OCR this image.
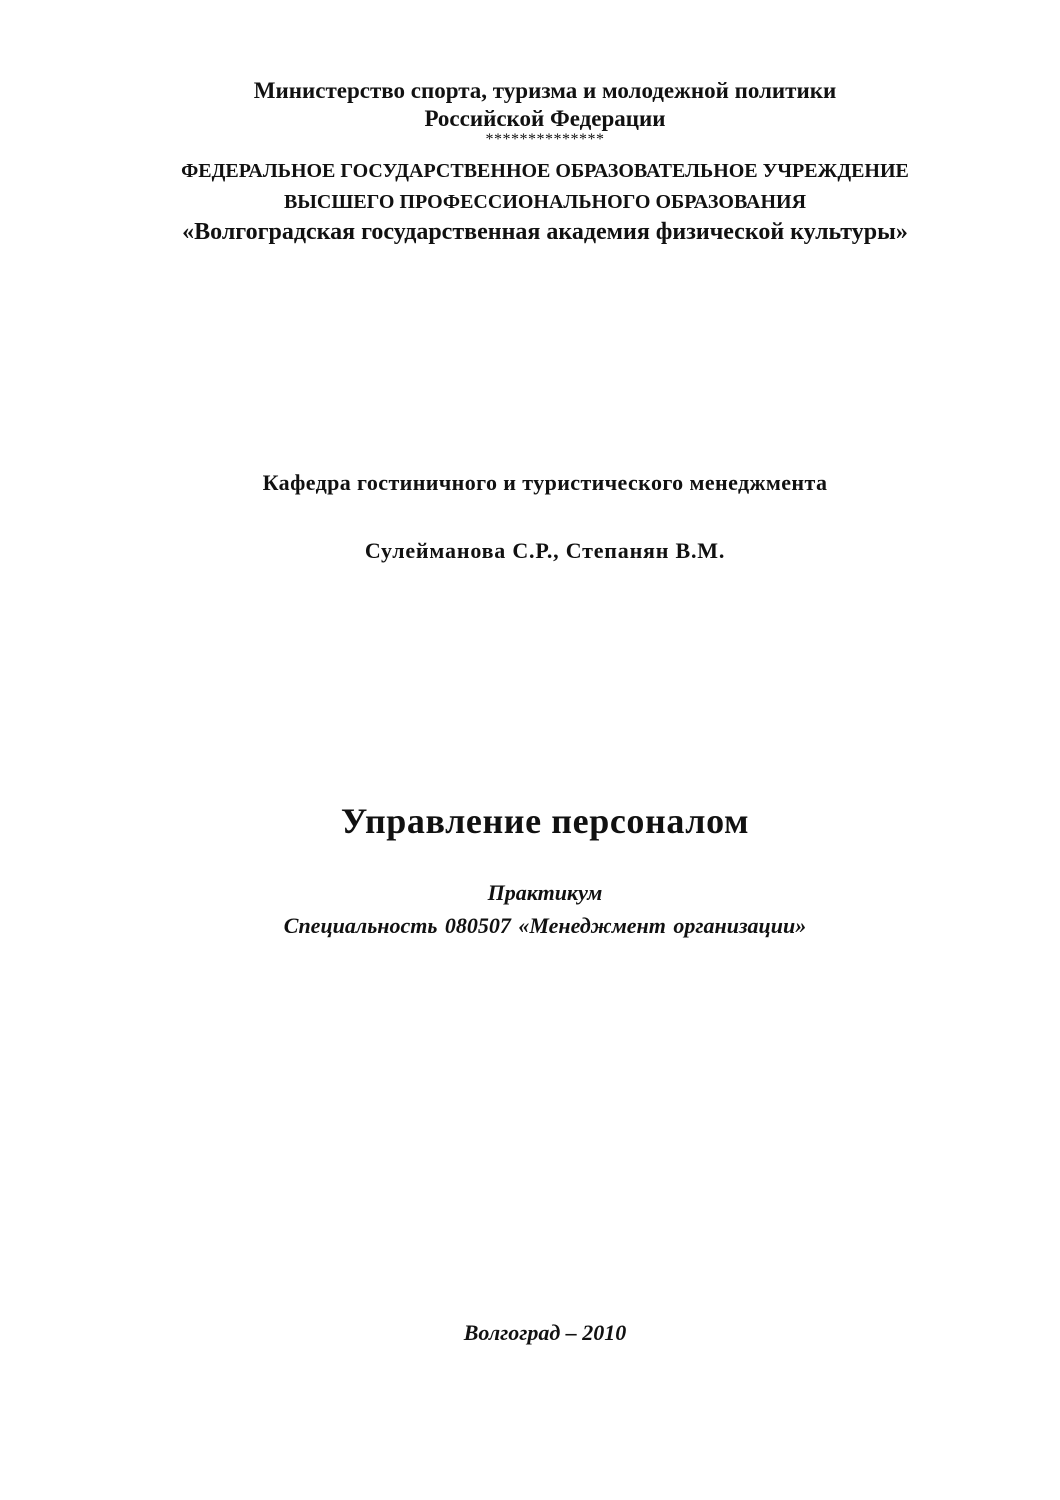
Министерство спорта, туризма и молодежной политики

Российской Федерации

**************

ФЕДЕРАЛЬНОЕ ГОСУДАРСТВЕННОЕ ОБРАЗОВАТЕЛЬНОЕ УЧРЕЖДЕНИЕ

ВЫСШЕГО ПРОФЕССИОНАЛЬНОГО ОБРАЗОВАНИЯ

«Волгоградская государственная академия физической культуры»

Кафедра гостиничного и туристического менеджмента

Сулейманова С.Р., Степанян В.М.

Управление персоналом

Практикум

Специальность 080507 «Менеджмент организации»

Волгоград – 2010
